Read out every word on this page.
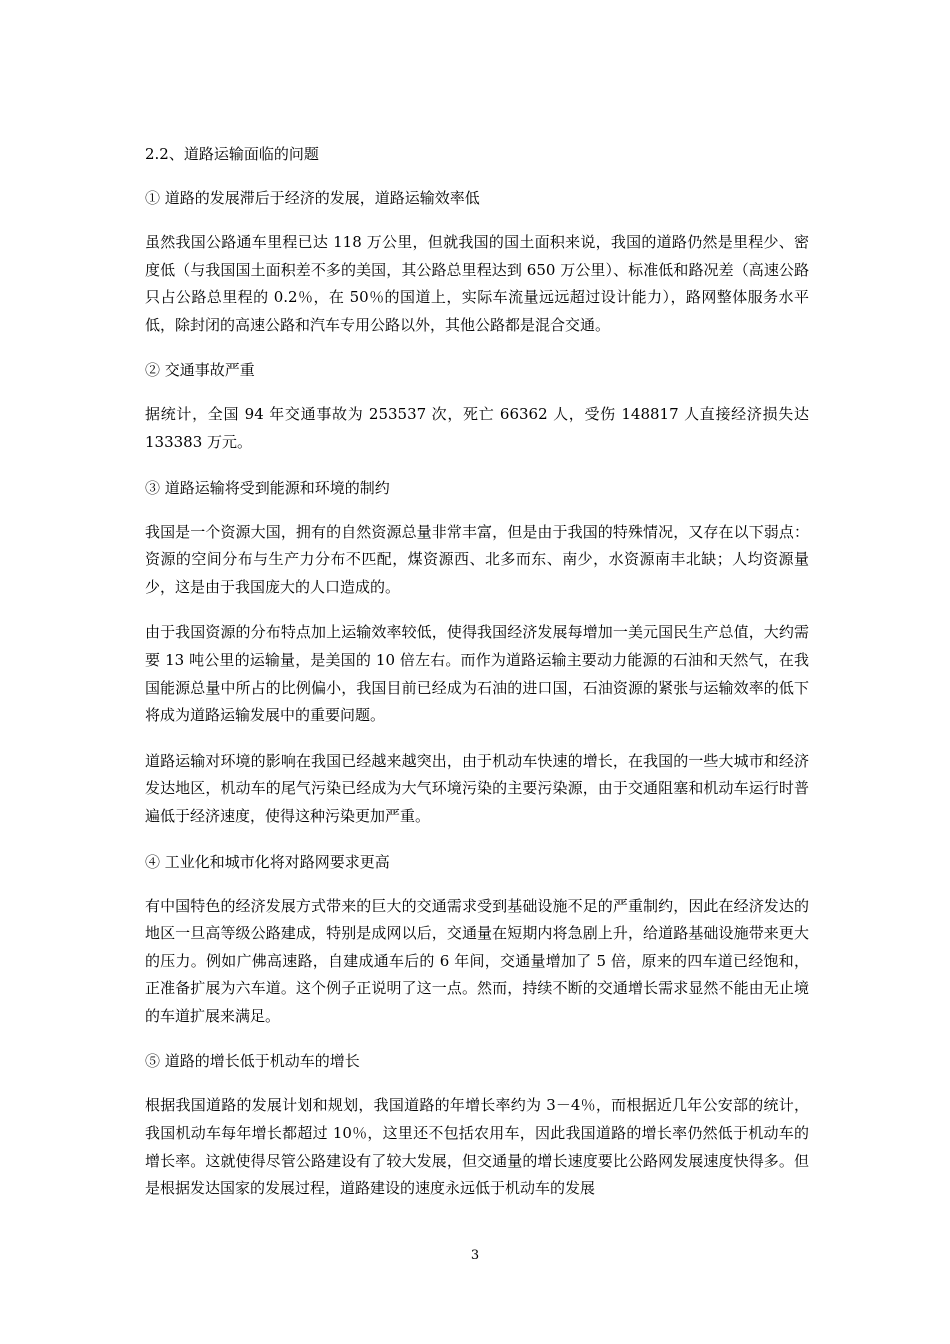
2.2、道路运输面临的问题
① 道路的发展滞后于经济的发展，道路运输效率低
虽然我国公路通车里程已达 118 万公里，但就我国的国土面积来说，我国的道路仍然是里程少、密度低（与我国国土面积差不多的美国，其公路总里程达到 650 万公里）、标准低和路况差（高速公路只占公路总里程的 0.2％，在 50％的国道上，实际车流量远远超过设计能力），路网整体服务水平低，除封闭的高速公路和汽车专用公路以外，其他公路都是混合交通。
② 交通事故严重
据统计，全国 94 年交通事故为 253537 次，死亡 66362 人，受伤 148817 人直接经济损失达 133383 万元。
③ 道路运输将受到能源和环境的制约
我国是一个资源大国，拥有的自然资源总量非常丰富，但是由于我国的特殊情况，又存在以下弱点：资源的空间分布与生产力分布不匹配，煤资源西、北多而东、南少，水资源南丰北缺；人均资源量少，这是由于我国庞大的人口造成的。
由于我国资源的分布特点加上运输效率较低，使得我国经济发展每增加一美元国民生产总值，大约需要 13 吨公里的运输量，是美国的 10 倍左右。而作为道路运输主要动力能源的石油和天然气，在我国能源总量中所占的比例偏小，我国目前已经成为石油的进口国，石油资源的紧张与运输效率的低下将成为道路运输发展中的重要问题。
道路运输对环境的影响在我国已经越来越突出，由于机动车快速的增长，在我国的一些大城市和经济发达地区，机动车的尾气污染已经成为大气环境污染的主要污染源，由于交通阻塞和机动车运行时普遍低于经济速度，使得这种污染更加严重。
④ 工业化和城市化将对路网要求更高
有中国特色的经济发展方式带来的巨大的交通需求受到基础设施不足的严重制约，因此在经济发达的地区一旦高等级公路建成，特别是成网以后，交通量在短期内将急剧上升，给道路基础设施带来更大的压力。例如广佛高速路，自建成通车后的 6 年间，交通量增加了 5 倍，原来的四车道已经饱和，正准备扩展为六车道。这个例子正说明了这一点。然而，持续不断的交通增长需求显然不能由无止境的车道扩展来满足。
⑤ 道路的增长低于机动车的增长
根据我国道路的发展计划和规划，我国道路的年增长率约为 3－4％，而根据近几年公安部的统计，我国机动车每年增长都超过 10％，这里还不包括农用车，因此我国道路的增长率仍然低于机动车的增长率。这就使得尽管公路建设有了较大发展，但交通量的增长速度要比公路网发展速度快得多。但是根据发达国家的发展过程，道路建设的速度永远低于机动车的发展
3
